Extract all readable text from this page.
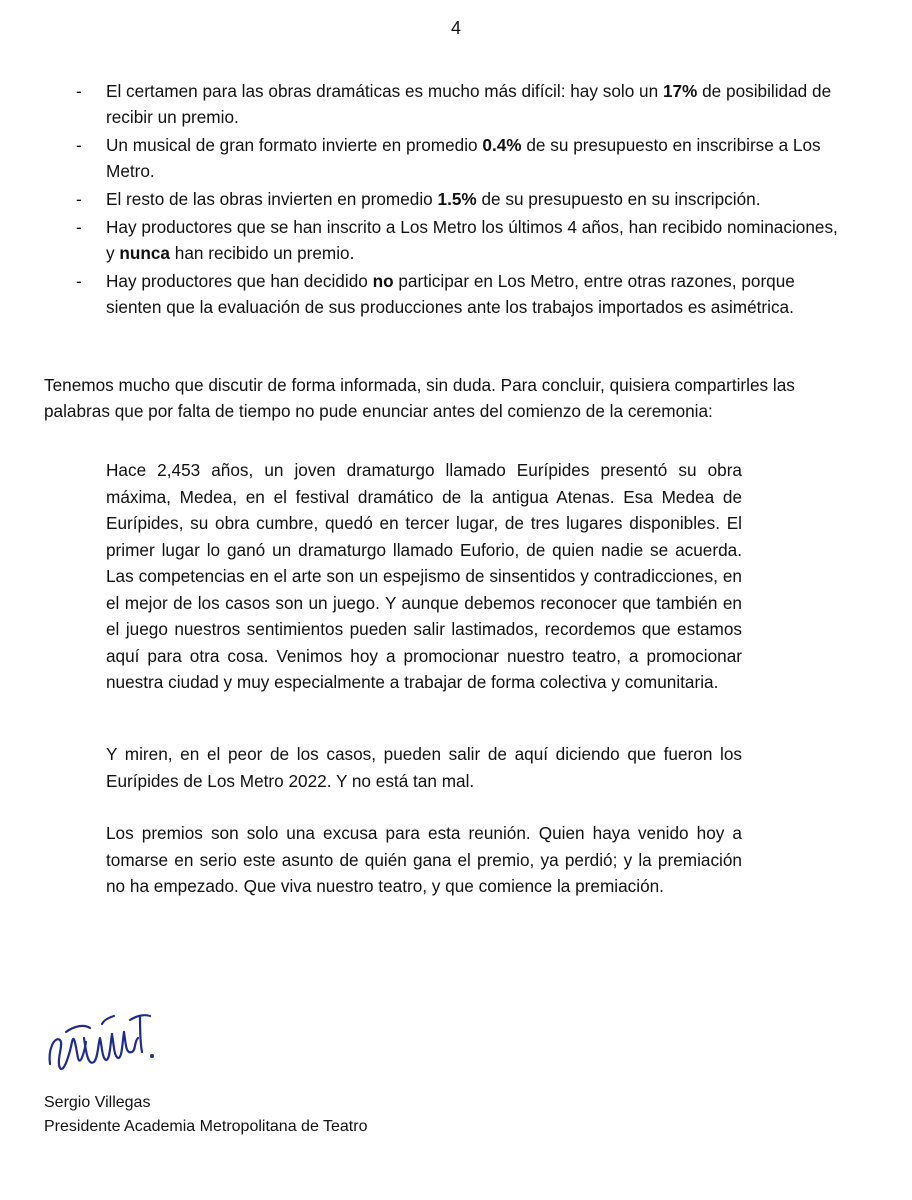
4
- El certamen para las obras dramáticas es mucho más difícil: hay solo un 17% de posibilidad de recibir un premio.
- Un musical de gran formato invierte en promedio 0.4% de su presupuesto en inscribirse a Los Metro.
- El resto de las obras invierten en promedio 1.5% de su presupuesto en su inscripción.
- Hay productores que se han inscrito a Los Metro los últimos 4 años, han recibido nominaciones, y nunca han recibido un premio.
- Hay productores que han decidido no participar en Los Metro, entre otras razones, porque sienten que la evaluación de sus producciones ante los trabajos importados es asimétrica.

Tenemos mucho que discutir de forma informada, sin duda. Para concluir, quisiera compartirles las palabras que por falta de tiempo no pude enunciar antes del comienzo de la ceremonia:

Hace 2,453 años, un joven dramaturgo llamado Eurípides presentó su obra máxima, Medea, en el festival dramático de la antigua Atenas. Esa Medea de Eurípides, su obra cumbre, quedó en tercer lugar, de tres lugares disponibles. El primer lugar lo ganó un dramaturgo llamado Euforio, de quien nadie se acuerda. Las competencias en el arte son un espejismo de sinsentidos y contradicciones, en el mejor de los casos son un juego. Y aunque debemos reconocer que también en el juego nuestros sentimientos pueden salir lastimados, recordemos que estamos aquí para otra cosa. Venimos hoy a promocionar nuestro teatro, a promocionar nuestra ciudad y muy especialmente a trabajar de forma colectiva y comunitaria.

Y miren, en el peor de los casos, pueden salir de aquí diciendo que fueron los Eurípides de Los Metro 2022. Y no está tan mal.

Los premios son solo una excusa para esta reunión. Quien haya venido hoy a tomarse en serio este asunto de quién gana el premio, ya perdió; y la premiación no ha empezado. Que viva nuestro teatro, y que comience la premiación.

Sergio Villegas
Presidente Academia Metropolitana de Teatro
